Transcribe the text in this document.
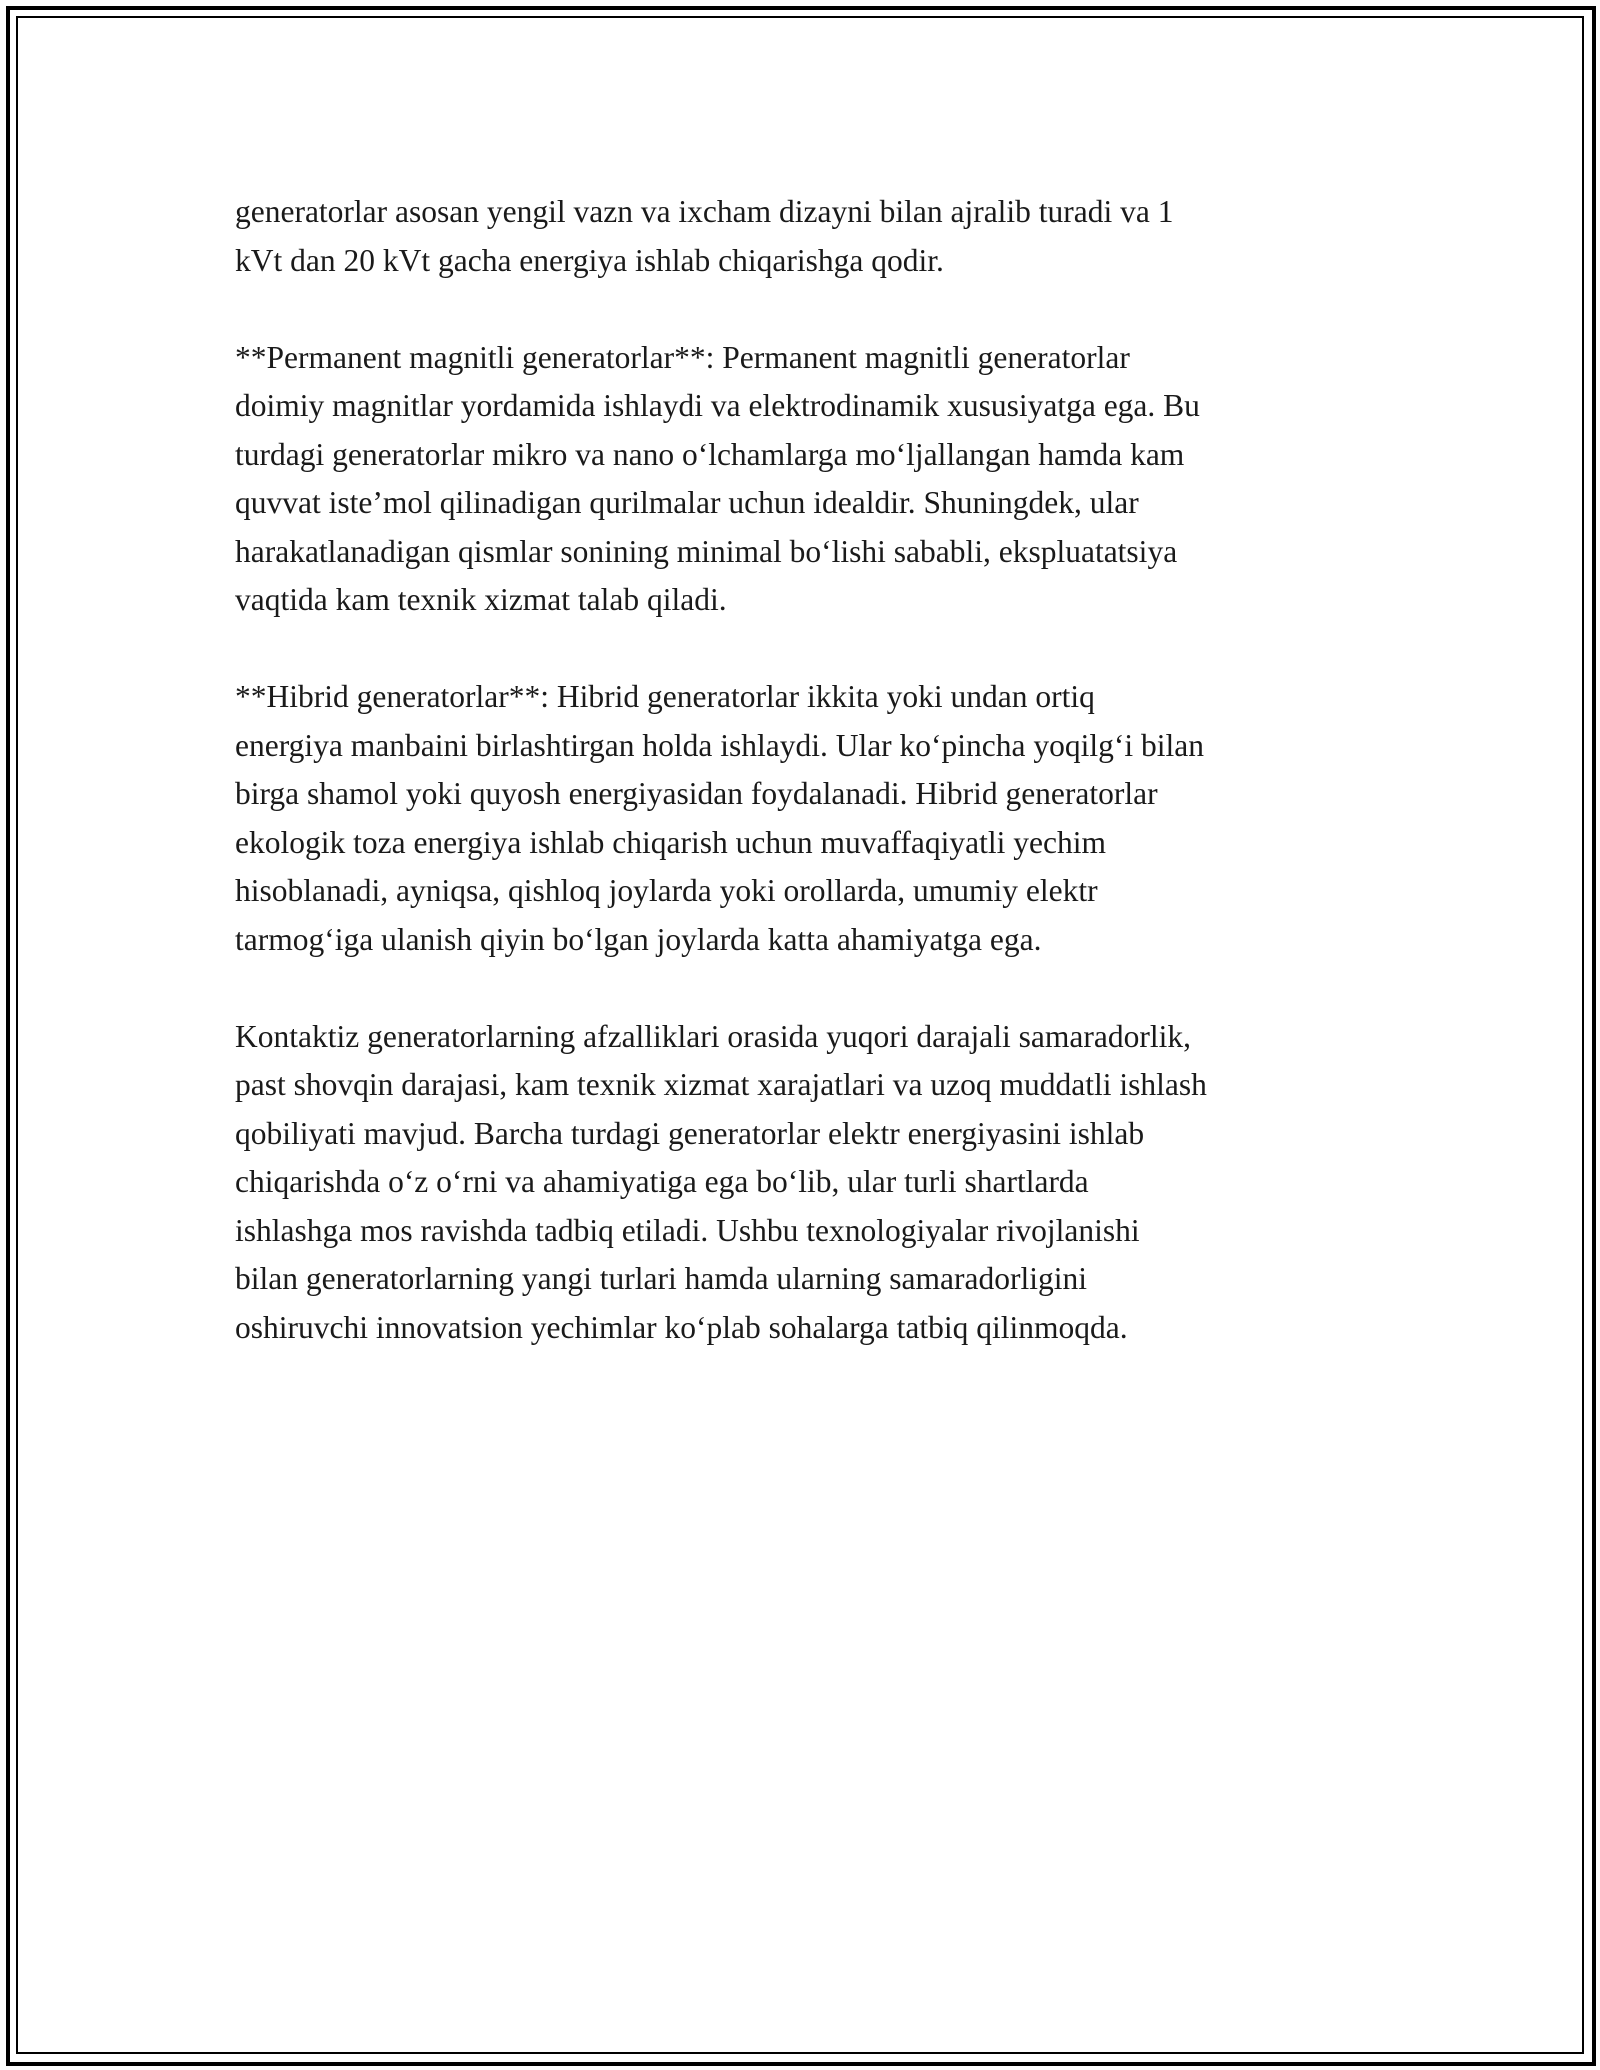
generatorlar asosan yengil vazn va ixcham dizayni bilan ajralib turadi va 1
kVt dan 20 kVt gacha energiya ishlab chiqarishga qodir.

**Permanent magnitli generatorlar**: Permanent magnitli generatorlar
doimiy magnitlar yordamida ishlaydi va elektrodinamik xususiyatga ega. Bu
turdagi generatorlar mikro va nano o‘lchamlarga mo‘ljallangan hamda kam
quvvat iste’mol qilinadigan qurilmalar uchun idealdir. Shuningdek, ular
harakatlanadigan qismlar sonining minimal bo‘lishi sababli, ekspluatatsiya
vaqtida kam texnik xizmat talab qiladi.

**Hibrid generatorlar**: Hibrid generatorlar ikkita yoki undan ortiq
energiya manbaini birlashtirgan holda ishlaydi. Ular ko‘pincha yoqilg‘i bilan
birga shamol yoki quyosh energiyasidan foydalanadi. Hibrid generatorlar
ekologik toza energiya ishlab chiqarish uchun muvaffaqiyatli yechim
hisoblanadi, ayniqsa, qishloq joylarda yoki orollarda, umumiy elektr
tarmog‘iga ulanish qiyin bo‘lgan joylarda katta ahamiyatga ega.

Kontaktiz generatorlarning afzalliklari orasida yuqori darajali samaradorlik,
past shovqin darajasi, kam texnik xizmat xarajatlari va uzoq muddatli ishlash
qobiliyati mavjud. Barcha turdagi generatorlar elektr energiyasini ishlab
chiqarishda o‘z o‘rni va ahamiyatiga ega bo‘lib, ular turli shartlarda
ishlashga mos ravishda tadbiq etiladi. Ushbu texnologiyalar rivojlanishi
bilan generatorlarning yangi turlari hamda ularning samaradorligini
oshiruvchi innovatsion yechimlar ko‘plab sohalarga tatbiq qilinmoqda.
